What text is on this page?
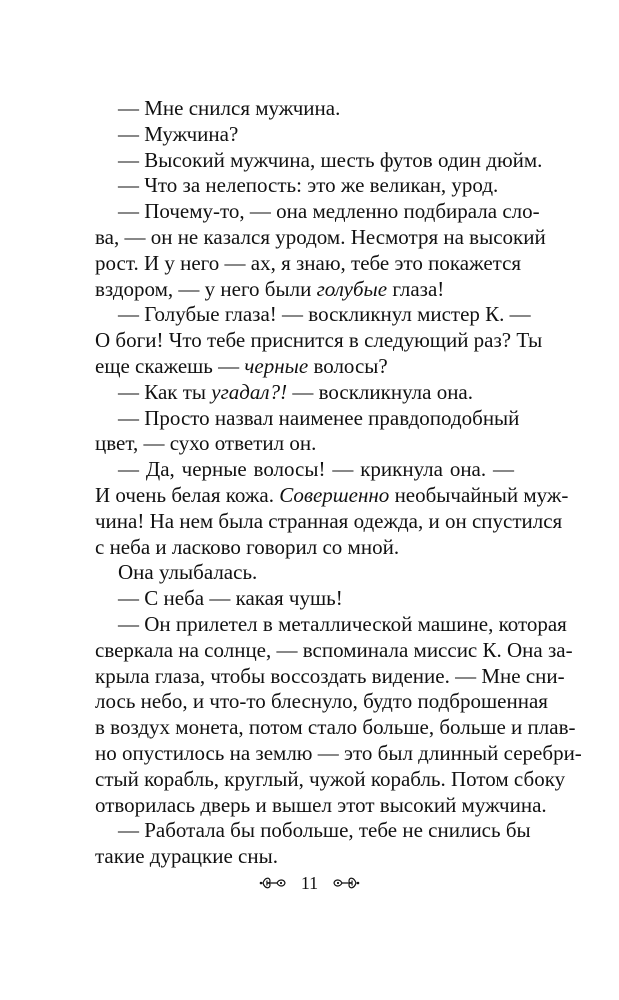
— Мне снился мужчина.
— Мужчина?
— Высокий мужчина, шесть футов один дюйм.
— Что за нелепость: это же великан, урод.
— Почему-то, — она медленно подбирала сло-
ва, — он не казался уродом. Несмотря на высокий
рост. И у него — ах, я знаю, тебе это покажется
вздором, — у него были голубые глаза!
— Голубые глаза! — воскликнул мистер К. —
О боги! Что тебе приснится в следующий раз? Ты
еще скажешь — черные волосы?
— Как ты угадал?! — воскликнула она.
— Просто назвал наименее правдоподобный
цвет, — сухо ответил он.
— Да, черные волосы! — крикнула она. —
И очень белая кожа. Совершенно необычайный муж-
чина! На нем была странная одежда, и он спустился
с неба и ласково говорил со мной.
Она улыбалась.
— С неба — какая чушь!
— Он прилетел в металлической машине, которая
сверкала на солнце, — вспоминала миссис К. Она за-
крыла глаза, чтобы воссоздать видение. — Мне сни-
лось небо, и что-то блеснуло, будто подброшенная
в воздух монета, потом стало больше, больше и плав-
но опустилось на землю — это был длинный серебри-
стый корабль, круглый, чужой корабль. Потом сбоку
отворилась дверь и вышел этот высокий мужчина.
— Работала бы побольше, тебе не снились бы
такие дурацкие сны.
11
